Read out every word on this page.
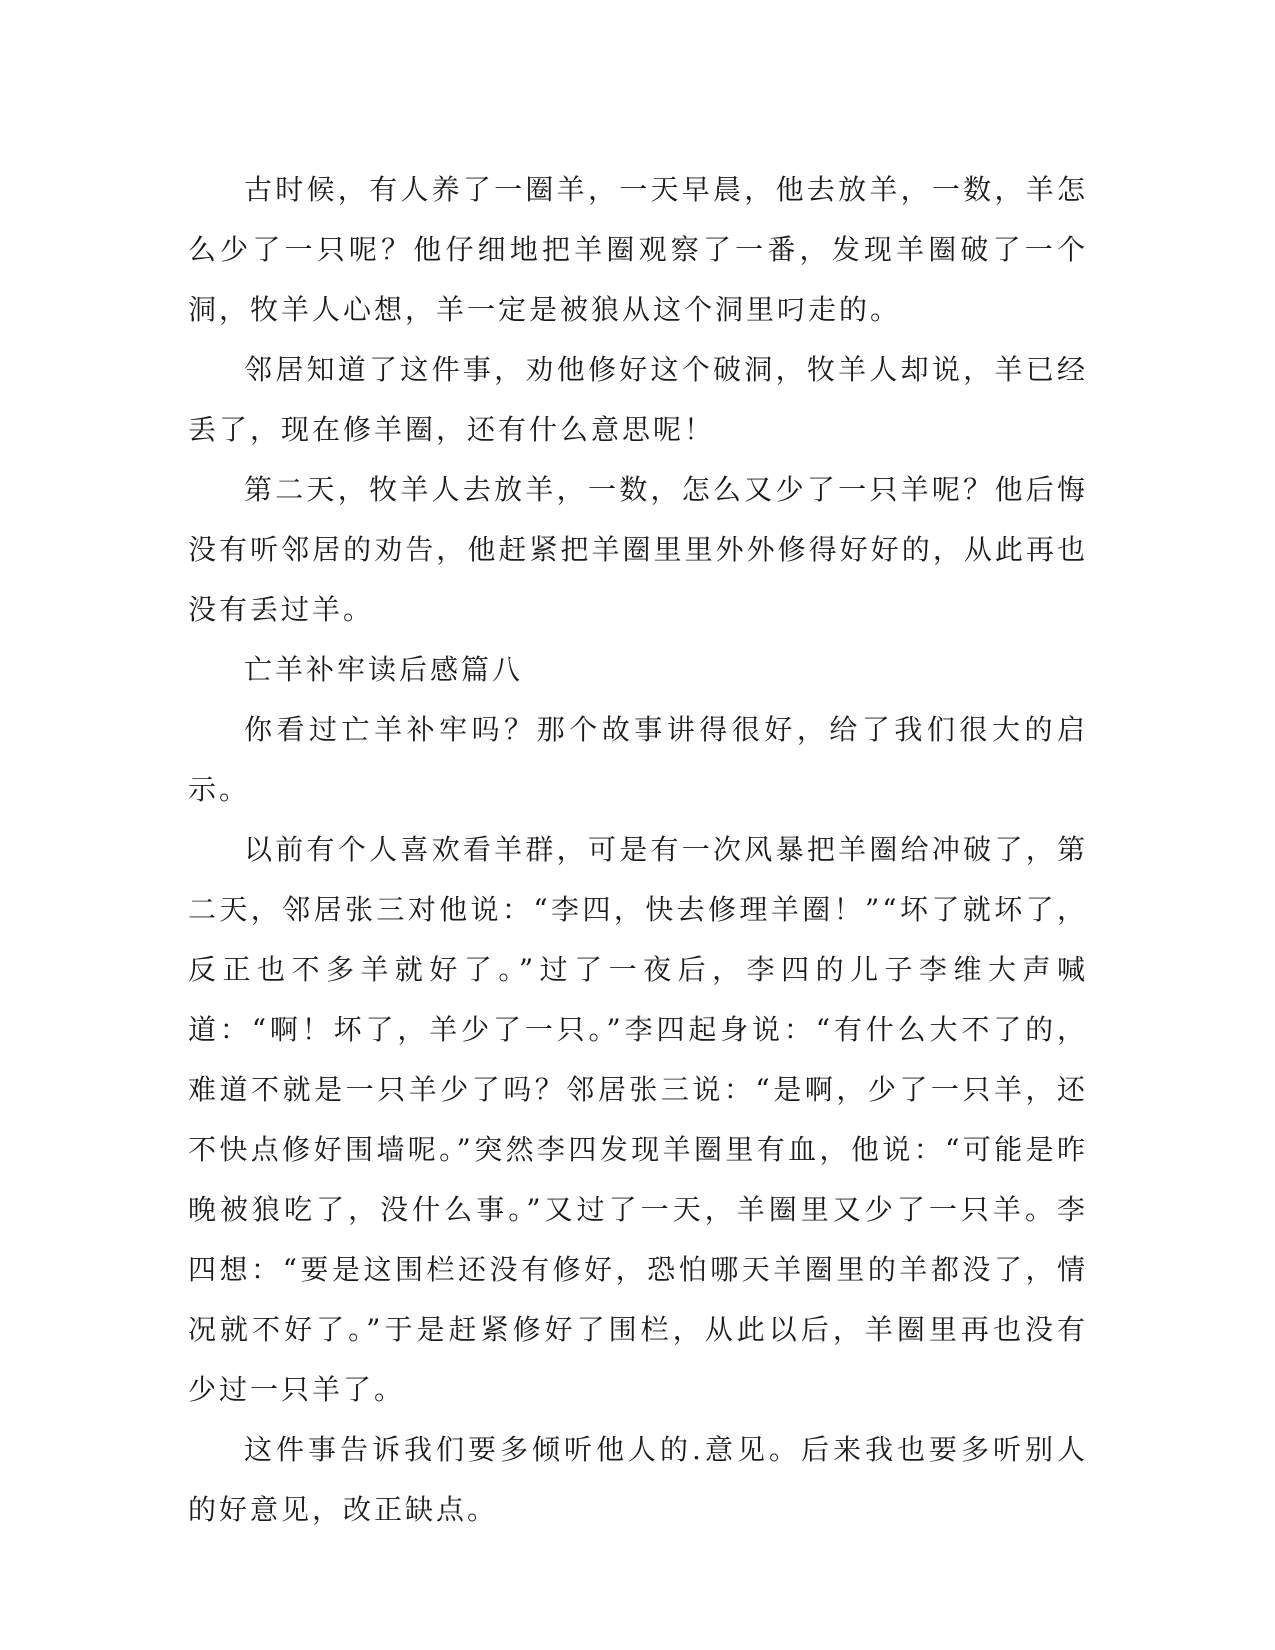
古时候，有人养了一圈羊，一天早晨，他去放羊，一数，羊怎么少了一只呢？他仔细地把羊圈观察了一番，发现羊圈破了一个洞，牧羊人心想，羊一定是被狼从这个洞里叼走的。

邻居知道了这件事，劝他修好这个破洞，牧羊人却说，羊已经丢了，现在修羊圈，还有什么意思呢！

第二天，牧羊人去放羊，一数，怎么又少了一只羊呢？他后悔没有听邻居的劝告，他赶紧把羊圈里里外外修得好好的，从此再也没有丢过羊。

亡羊补牢读后感篇八

你看过亡羊补牢吗？那个故事讲得很好，给了我们很大的启示。

以前有个人喜欢看羊群，可是有一次风暴把羊圈给冲破了，第二天，邻居张三对他说：“李四，快去修理羊圈！”“坏了就坏了，反正也不多羊就好了。”过了一夜后，李四的儿子李维大声喊道：“啊！坏了，羊少了一只。”李四起身说：“有什么大不了的，难道不就是一只羊少了吗？邻居张三说：“是啊，少了一只羊，还不快点修好围墙呢。”突然李四发现羊圈里有血，他说：“可能是昨晚被狼吃了，没什么事。”又过了一天，羊圈里又少了一只羊。李四想：“要是这围栏还没有修好，恐怕哪天羊圈里的羊都没了，情况就不好了。”于是赶紧修好了围栏，从此以后，羊圈里再也没有少过一只羊了。

这件事告诉我们要多倾听他人的.意见。后来我也要多听别人的好意见，改正缺点。
